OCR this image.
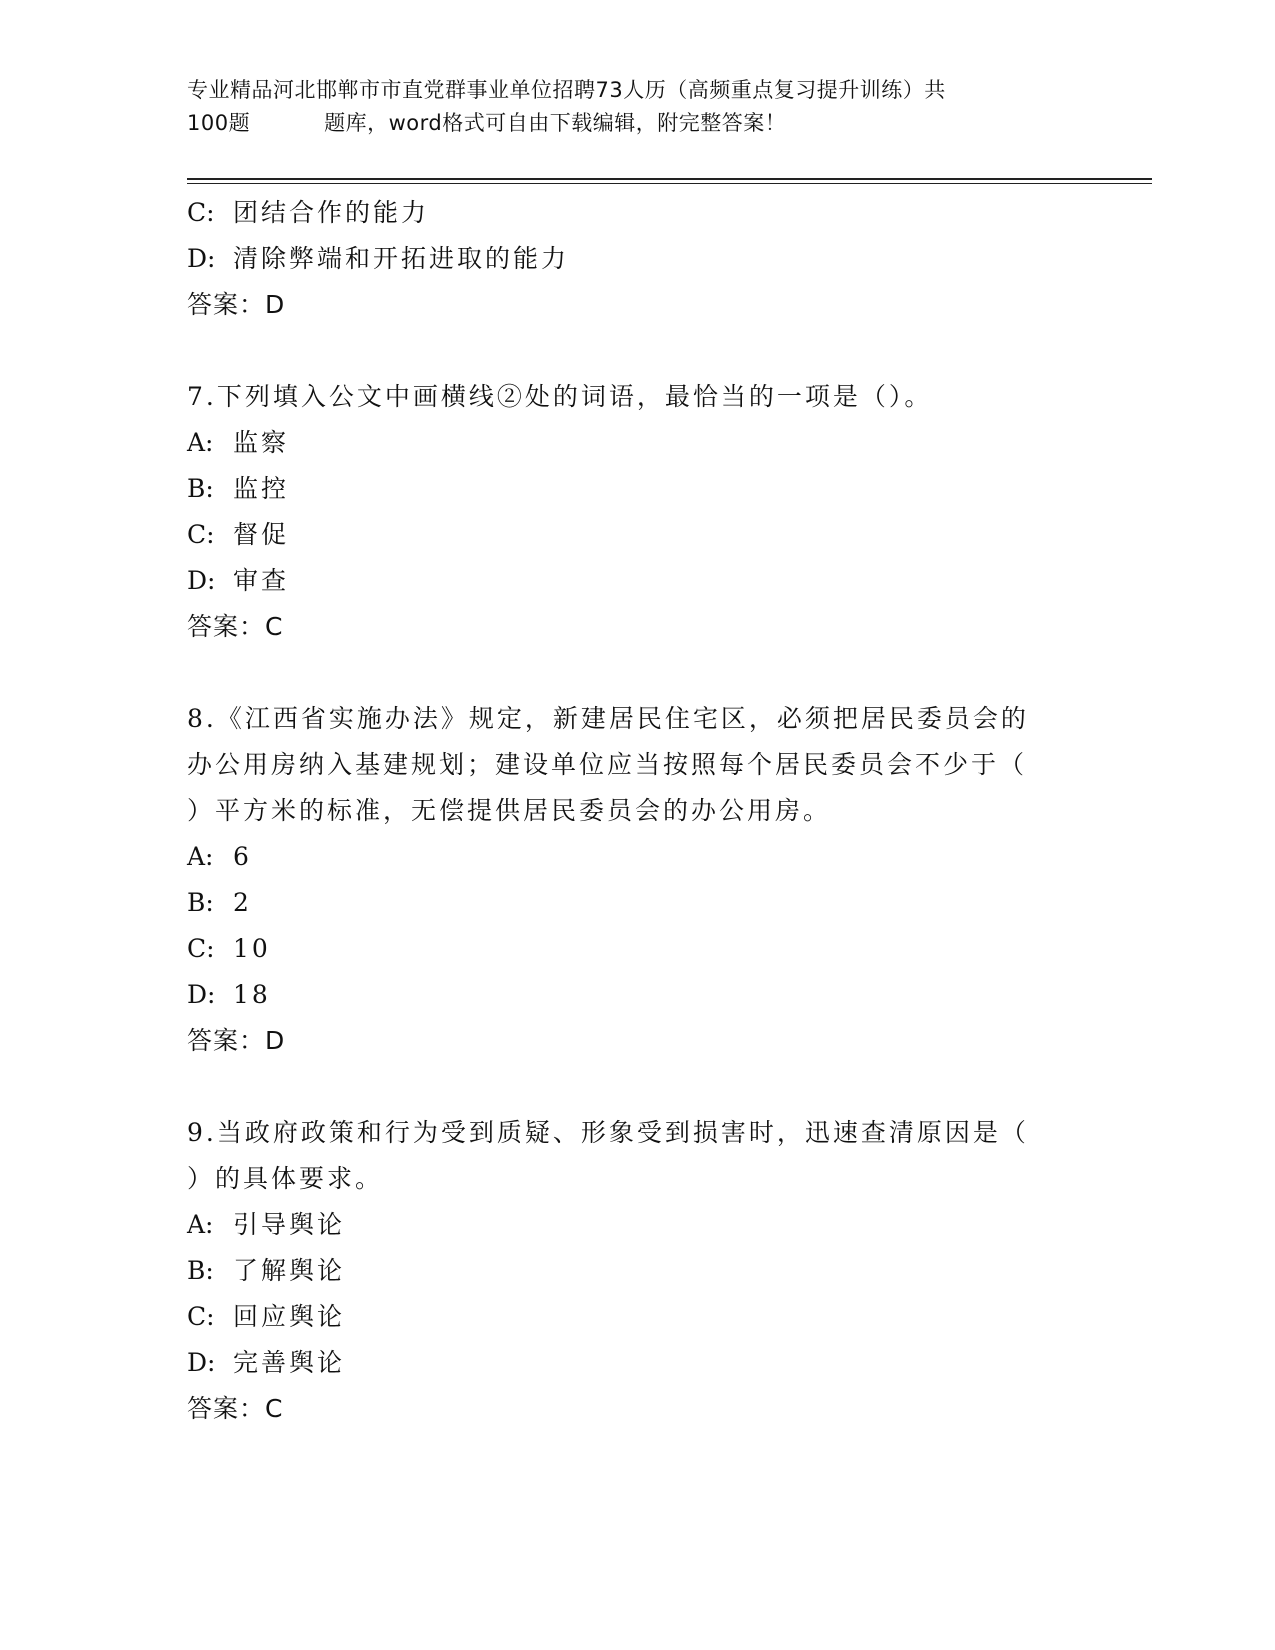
专业精品河北邯郸市市直党群事业单位招聘73人历（高频重点复习提升训练）共
100题	题库，word格式可自由下载编辑，附完整答案！
C: 团结合作的能力
D: 清除弊端和开拓进取的能力
答案：D
7.下列填入公文中画横线②处的词语，最恰当的一项是（）。
A: 监察
B: 监控
C: 督促
D: 审查
答案：C
8.《江西省实施办法》规定，新建居民住宅区，必须把居民委员会的
办公用房纳入基建规划；建设单位应当按照每个居民委员会不少于（
）平方米的标准，无偿提供居民委员会的办公用房。
A: 6
B: 2
C: 10
D: 18
答案：D
9.当政府政策和行为受到质疑、形象受到损害时，迅速查清原因是（
）的具体要求。
A: 引导舆论
B: 了解舆论
C: 回应舆论
D: 完善舆论
答案：C
